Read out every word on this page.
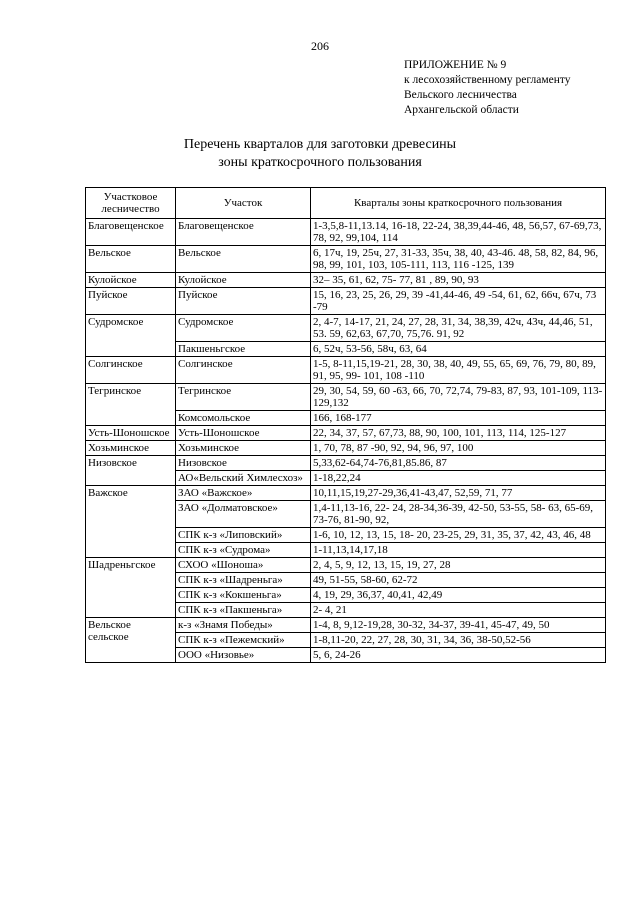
206
ПРИЛОЖЕНИЕ № 9
к лесохозяйственному регламенту
Вельского лесничества
Архангельской области
Перечень кварталов для заготовки древесины
зоны краткосрочного пользования
Участковое лесничество	Участок	Кварталы зоны краткосрочного пользования
Благовещенское	Благовещенское	1-3,5,8-11,13.14, 16-18, 22-24, 38,39,44-46, 48, 56,57, 67-69,73, 78, 92, 99,104, 114
Вельское	Вельское	6, 17ч, 19, 25ч, 27, 31-33, 35ч, 38, 40, 43-46. 48, 58, 82, 84, 96, 98, 99, 101, 103, 105-111, 113, 116 -125, 139
Кулойское	Кулойское	32– 35, 61, 62, 75- 77, 81 , 89, 90, 93
Пуйское	Пуйское	15, 16, 23, 25, 26, 29, 39 -41,44-46, 49 -54, 61, 62, 66ч, 67ч, 73 -79
Судромское	Судромское	2, 4-7, 14-17, 21, 24, 27, 28, 31, 34, 38,39, 42ч, 43ч, 44,46, 51, 53. 59, 62,63, 67,70, 75,76. 91, 92
	Пакшеньгское	6, 52ч, 53-56, 58ч, 63, 64
Солгинское	Солгинское	1-5, 8-11,15,19-21, 28, 30, 38, 40, 49, 55, 65, 69, 76, 79, 80, 89, 91, 95, 99- 101, 108 -110
Тегринское	Тегринское	29, 30, 54, 59, 60 -63, 66, 70, 72,74, 79-83, 87, 93, 101-109, 113-129,132
	Комсомольское	166, 168-177
Усть-Шоношское	Усть-Шоношское	22, 34, 37, 57, 67,73, 88, 90, 100, 101, 113, 114, 125-127
Хозьминское	Хозьминское	1, 70, 78, 87 -90, 92, 94, 96, 97, 100
Низовское	Низовское	5,33,62-64,74-76,81,85.86, 87
	АО«Вельский Химлесхоз»	1-18,22,24
Важское	ЗАО «Важское»	10,11,15,19,27-29,36,41-43,47, 52,59, 71, 77
	ЗАО «Долматовское»	1,4-11,13-16, 22- 24, 28-34,36-39, 42-50, 53-55, 58- 63, 65-69, 73-76, 81-90, 92,
	СПК к-з «Липовский»	1-6, 10, 12, 13, 15, 18- 20, 23-25, 29, 31, 35, 37, 42, 43, 46, 48
	СПК к-з «Судрома»	1-11,13,14,17,18
Шадреньгское	СХОО «Шоноша»	2, 4, 5, 9, 12, 13, 15, 19, 27, 28
	СПК к-з «Шадреньга»	49, 51-55, 58-60, 62-72
	СПК к-з «Кокшеньга»	4, 19, 29, 36,37, 40,41, 42,49
	СПК к-з «Пакшеньга»	2- 4, 21
Вельское сельское	к-з «Знамя Победы»	1-4, 8, 9,12-19,28, 30-32, 34-37, 39-41, 45-47, 49, 50
	СПК к-з «Пежемский»	1-8,11-20, 22, 27, 28, 30, 31, 34, 36, 38-50,52-56
	ООО «Низовье»	5, 6, 24-26
